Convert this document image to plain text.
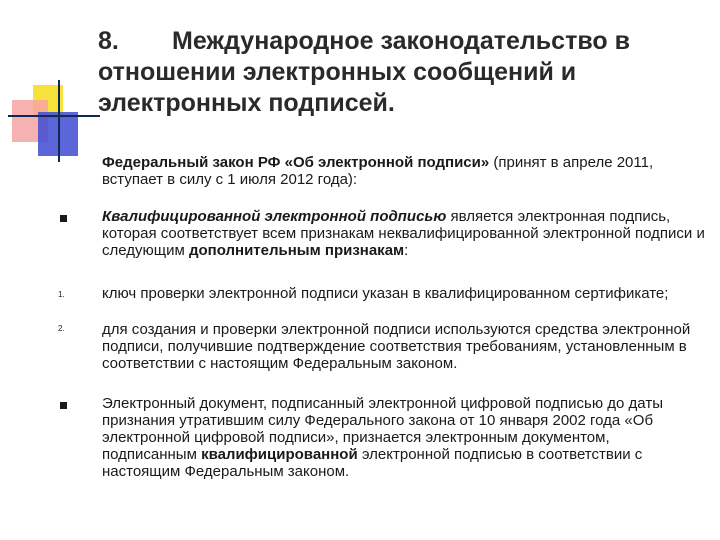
8. Международное законодательство в отношении электронных сообщений и электронных подписей.
Федеральный закон РФ «Об электронной подписи» (принят в апреле 2011, вступает в силу с 1 июля 2012 года):
Квалифицированной электронной подписью является электронная подпись, которая соответствует всем признакам неквалифицированной электронной подписи и следующим дополнительным признакам:
1. ключ проверки электронной подписи указан в квалифицированном сертификате;
2. для создания и проверки электронной подписи используются средства электронной подписи, получившие подтверждение соответствия требованиям, установленным в соответствии с настоящим Федеральным законом.
Электронный документ, подписанный электронной цифровой подписью до даты признания утратившим силу Федерального закона от 10 января 2002 года «Об электронной цифровой подписи», признается электронным документом, подписанным квалифицированной электронной подписью в соответствии с настоящим Федеральным законом.
